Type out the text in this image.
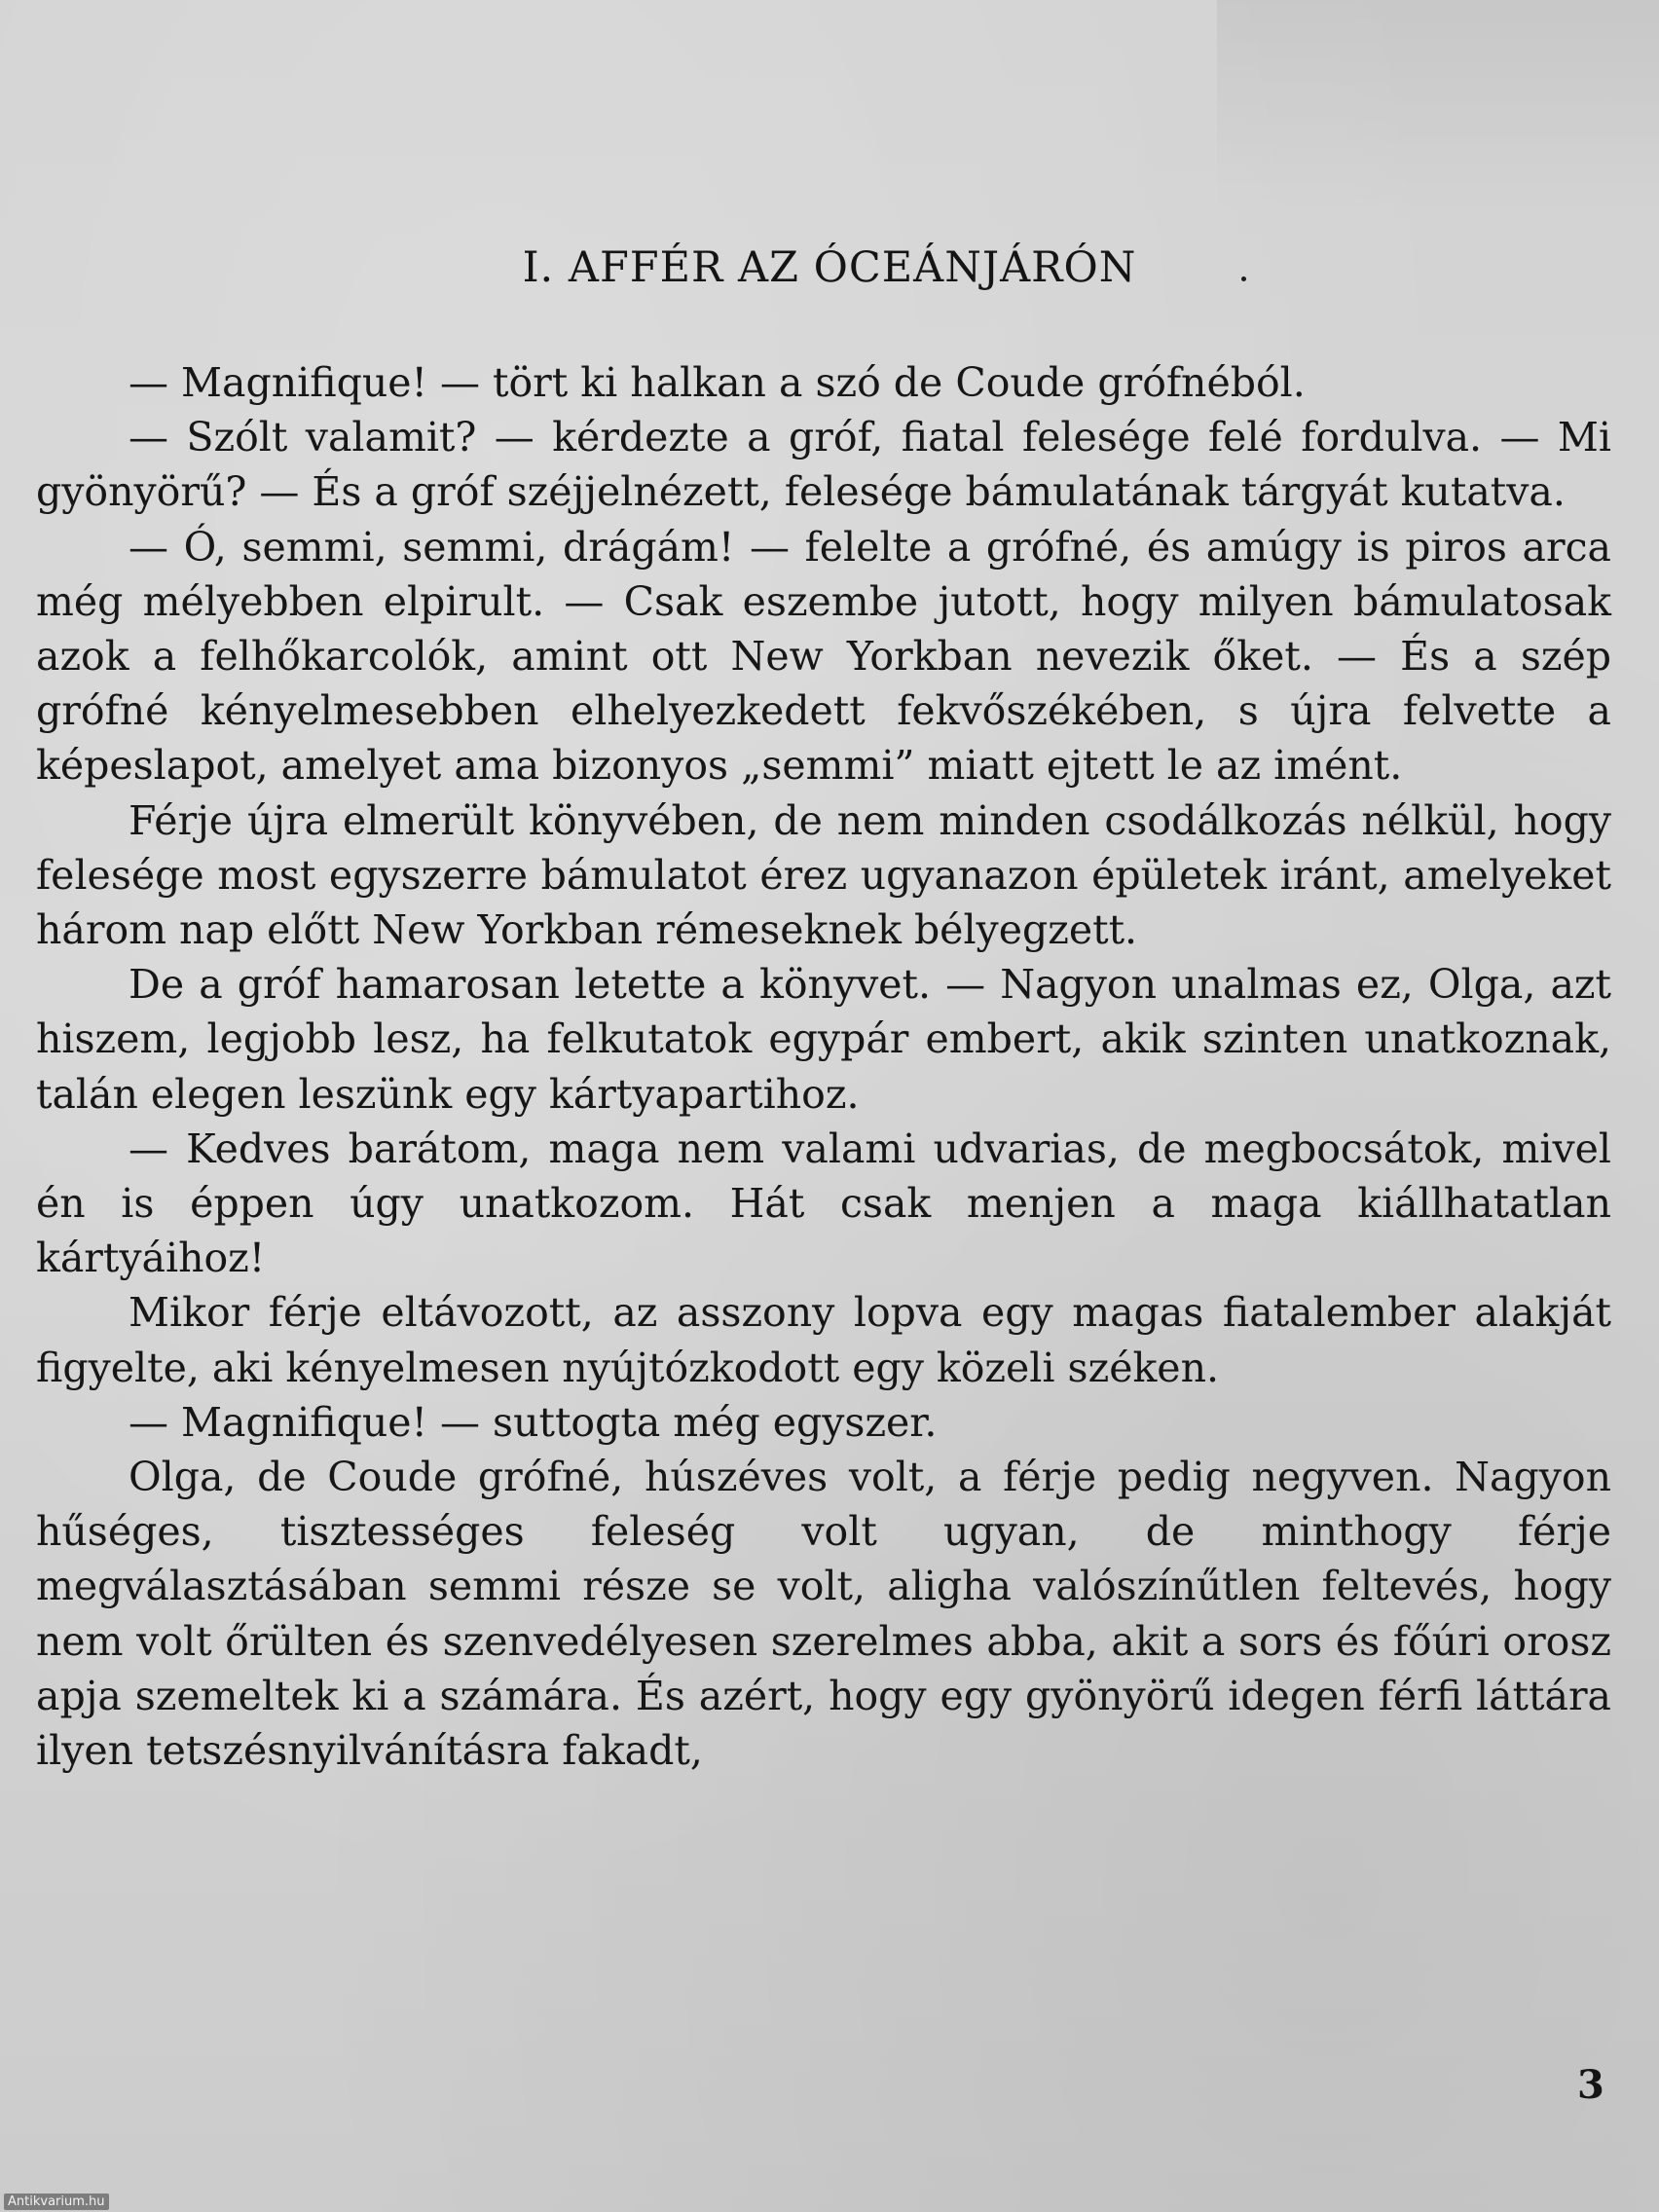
I. AFFÉR AZ ÓCEÁNJÁRÓN

— Magnifique! — tört ki halkan a szó de Coude grófnéból.

— Szólt valamit? — kérdezte a gróf, fiatal felesége felé fordulva. — Mi gyönyörű? — És a gróf széjjelnézett, felesége bámulatának tárgyát kutatva.

— Ó, semmi, semmi, drágám! — felelte a grófné, és amúgy is piros arca még mélyebben elpirult. — Csak eszembe jutott, hogy milyen bámulatosak azok a felhőkarcolók, amint ott New Yorkban nevezik őket. — És a szép grófné kényelmesebben elhelyezkedett fekvőszékében, s újra felvette a képeslapot, amelyet ama bizonyos „semmi” miatt ejtett le az imént.

Férje újra elmerült könyvében, de nem minden csodálkozás nélkül, hogy felesége most egyszerre bámulatot érez ugyanazon épületek iránt, amelyeket három nap előtt New Yorkban rémeseknek bélyegzett.

De a gróf hamarosan letette a könyvet. — Nagyon unalmas ez, Olga, azt hiszem, legjobb lesz, ha felkutatok egypár embert, akik szinten unatkoznak, talán elegen leszünk egy kártyapartihoz.

— Kedves barátom, maga nem valami udvarias, de megbocsátok, mivel én is éppen úgy unatkozom. Hát csak menjen a maga kiállhatatlan kártyáihoz!

Mikor férje eltávozott, az asszony lopva egy magas fiatalember alakját figyelte, aki kényelmesen nyújtózkodott egy közeli széken.

— Magnifique! — suttogta még egyszer.

Olga, de Coude grófné, húszéves volt, a férje pedig negyven. Nagyon hűséges, tisztességes feleség volt ugyan, de minthogy férje megválasztásában semmi része se volt, aligha valószínűtlen feltevés, hogy nem volt őrülten és szenvedélyesen szerelmes abba, akit a sors és főúri orosz apja szemeltek ki a számára. És azért, hogy egy gyönyörű idegen férfi láttára ilyen tetszésnyilvánításra fakadt,

3
Antikvarium.hu
